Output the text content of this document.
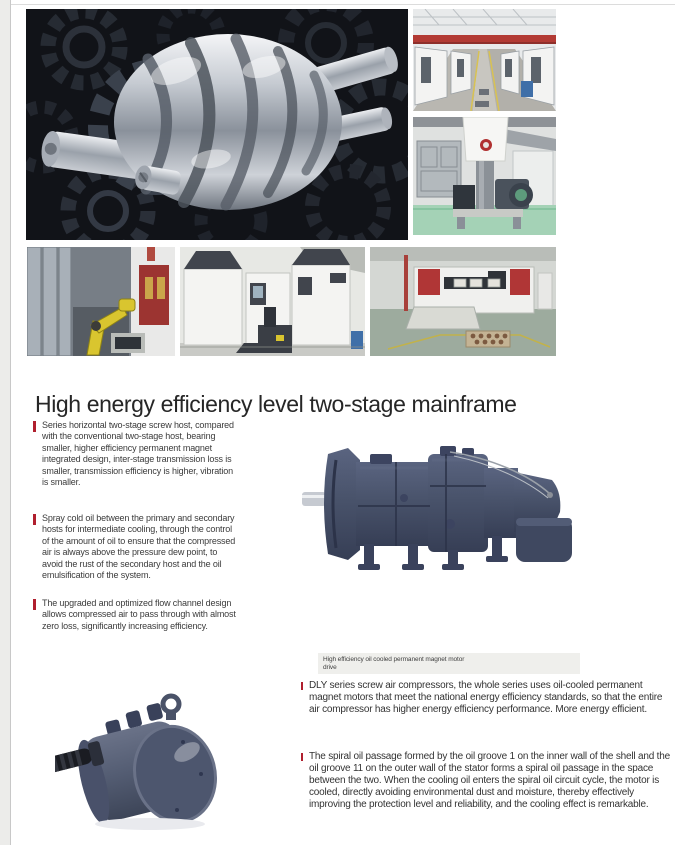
High energy efficiency level two-stage mainframe

Series horizontal two-stage screw host, compared with the conventional two-stage host, bearing smaller, higher efficiency permanent magnet integrated design, inter-stage transmission loss is smaller, transmission efficiency is higher, vibration is smaller.

Spray cold oil between the primary and secondary hosts for intermediate cooling, through the control of the amount of oil to ensure that the compressed air is always above the pressure dew point, to avoid the rust of the secondary host and the oil emulsification of the system.

The upgraded and optimized flow channel design allows compressed air to pass through with almost zero loss, significantly increasing efficiency.

High efficiency oil cooled permanent magnet motor drive

DLY series screw air compressors, the whole series uses oil-cooled permanent magnet motors that meet the national energy efficiency standards, so that the entire air compressor has higher energy efficiency performance. More energy efficient.

The spiral oil passage formed by the oil groove 1 on the inner wall of the shell and the oil groove 11 on the outer wall of the stator forms a spiral oil passage in the space between the two. When the cooling oil enters the spiral oil circuit cycle, the motor is cooled, directly avoiding environmental dust and moisture, thereby effectively improving the protection level and reliability, and the cooling effect is remarkable.
